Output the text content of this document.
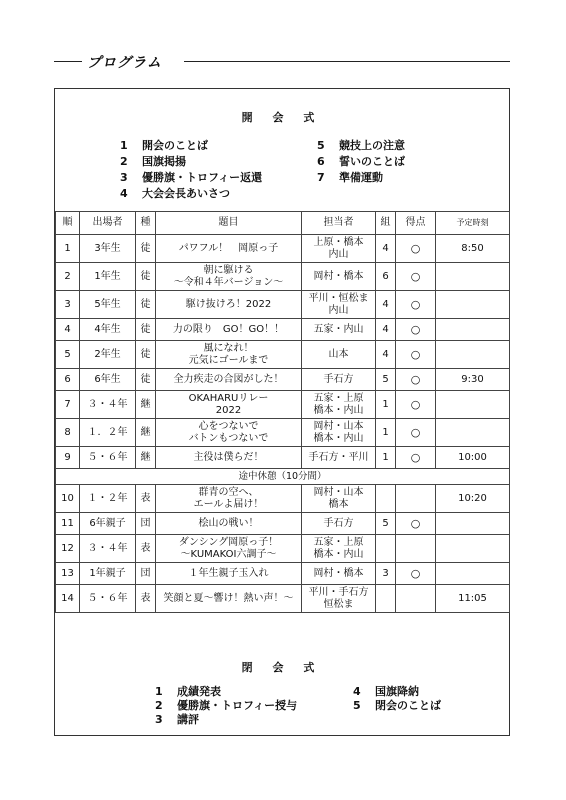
プログラム
開 会 式
1 開会のことば
2 国旗掲揚
3 優勝旗・トロフィー返還
4 大会会長あいさつ
5 競技上の注意
6 誓いのことば
7 準備運動
順	出場者	種	題目	担当者	組	得点	予定時刻
1	3年生	徒	パワフル！　岡原っ子	上原・橋本
内山	4	○	8:50
2	1年生	徒	朝に駆ける
～令和４年バージョン～	岡村・橋本	6	○	
3	5年生	徒	駆け抜けろ！2022	平川・恒松ま
内山	4	○	
4	4年生	徒	力の限り　GO！GO！！	五家・内山	4	○	
5	2年生	徒	風になれ！
元気にゴールまで	山本	4	○	
6	6年生	徒	全力疾走の合図がした！	手石方	5	○	9:30
7	３・４年	継	OKAHARUリレー
2022	五家・上原
橋本・内山	1	○	
8	１．２年	継	心をつないで
バトンもつないで	岡村・山本
橋本・内山	1	○	
9	５・６年	継	主役は僕らだ！	手石方・平川	1	○	10:00
途中休憩（10分間）							
10	１・２年	表	群青の空へ、
エールよ届け！	岡村・山本
橋本			10:20
11	6年親子	団	桧山の戦い！	手石方	5	○	
12	３・４年	表	ダンシング岡原っ子！
～KUMAKOI六調子～	五家・上原
橋本・内山			
13	1年親子	団	１年生親子玉入れ	岡村・橋本	3	○	
14	５・６年	表	笑顔と夏～響け！熱い声！～	平川・手石方
恒松ま			11:05
閉 会 式
1 成績発表
2 優勝旗・トロフィー授与
3 講評
4 国旗降納
5 閉会のことば
